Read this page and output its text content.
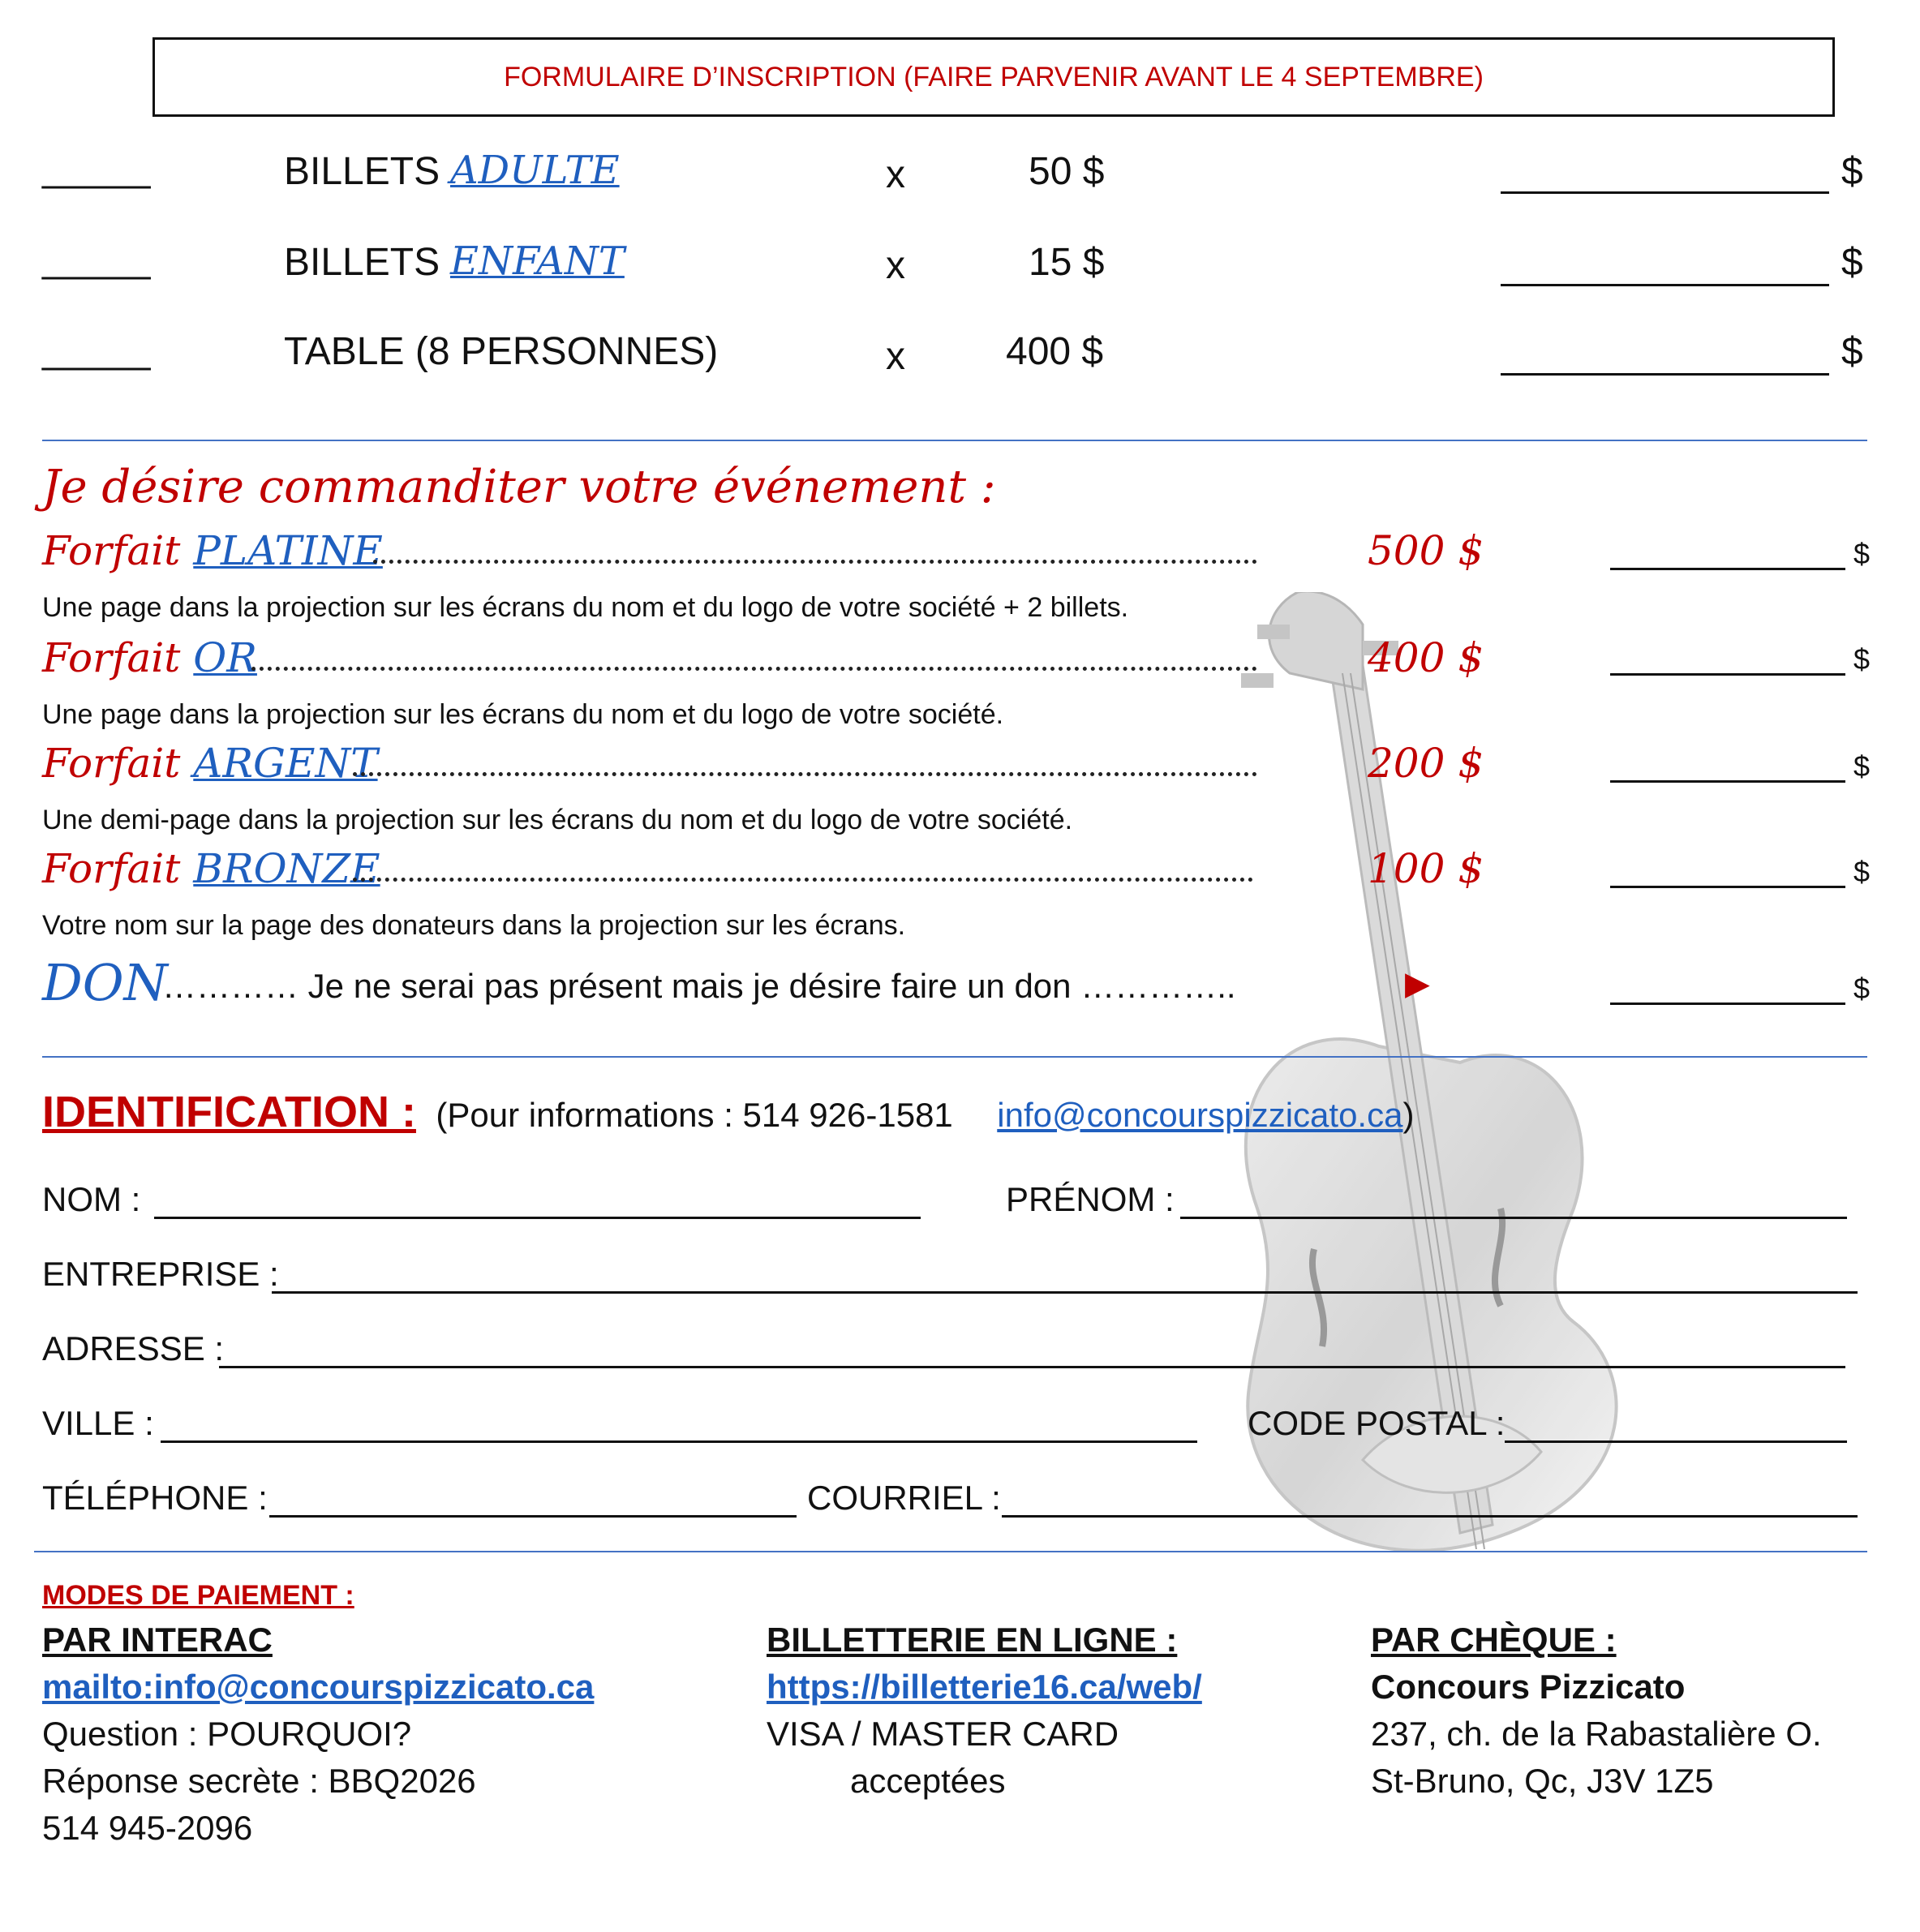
FORMULAIRE D’INSCRIPTION (FAIRE PARVENIR AVANT LE 4 SEPTEMBRE)
_____	BILLETS ADULTE	x	50 $	$
_____	BILLETS ENFANT	x	15 $	$
_____	TABLE (8 PERSONNES)	x	400 $	$
Je désire commanditer votre événement :
Forfait PLATINE	500 $	$
Une page dans la projection sur les écrans du nom et du logo de votre société + 2 billets.
Forfait OR	400 $	$
Une page dans la projection sur les écrans du nom et du logo de votre société.
Forfait ARGENT	200 $	$
Une demi-page dans la projection sur les écrans du nom et du logo de votre société.
Forfait BRONZE	100 $	$
Votre nom sur la page des donateurs dans la projection sur les écrans.
DON
………… Je ne serai pas présent mais je désire faire un don …………..	▶	$
IDENTIFICATION : (Pour informations : 514 926-1581 info@concourspizzicato.ca)
NOM :	PRÉNOM :
ENTREPRISE :
ADRESSE :
VILLE :	CODE POSTAL :
TÉLÉPHONE :	COURRIEL :
MODES DE PAIEMENT :
PAR INTERAC
mailto:info@concourspizzicato.ca
Question : POURQUOI?
Réponse secrète : BBQ2026
514 945-2096
BILLETTERIE EN LIGNE :
https://billetterie16.ca/web/
VISA / MASTER CARD
acceptées
PAR CHÈQUE :
Concours Pizzicato
237, ch. de la Rabastalière O.
St-Bruno, Qc, J3V 1Z5
